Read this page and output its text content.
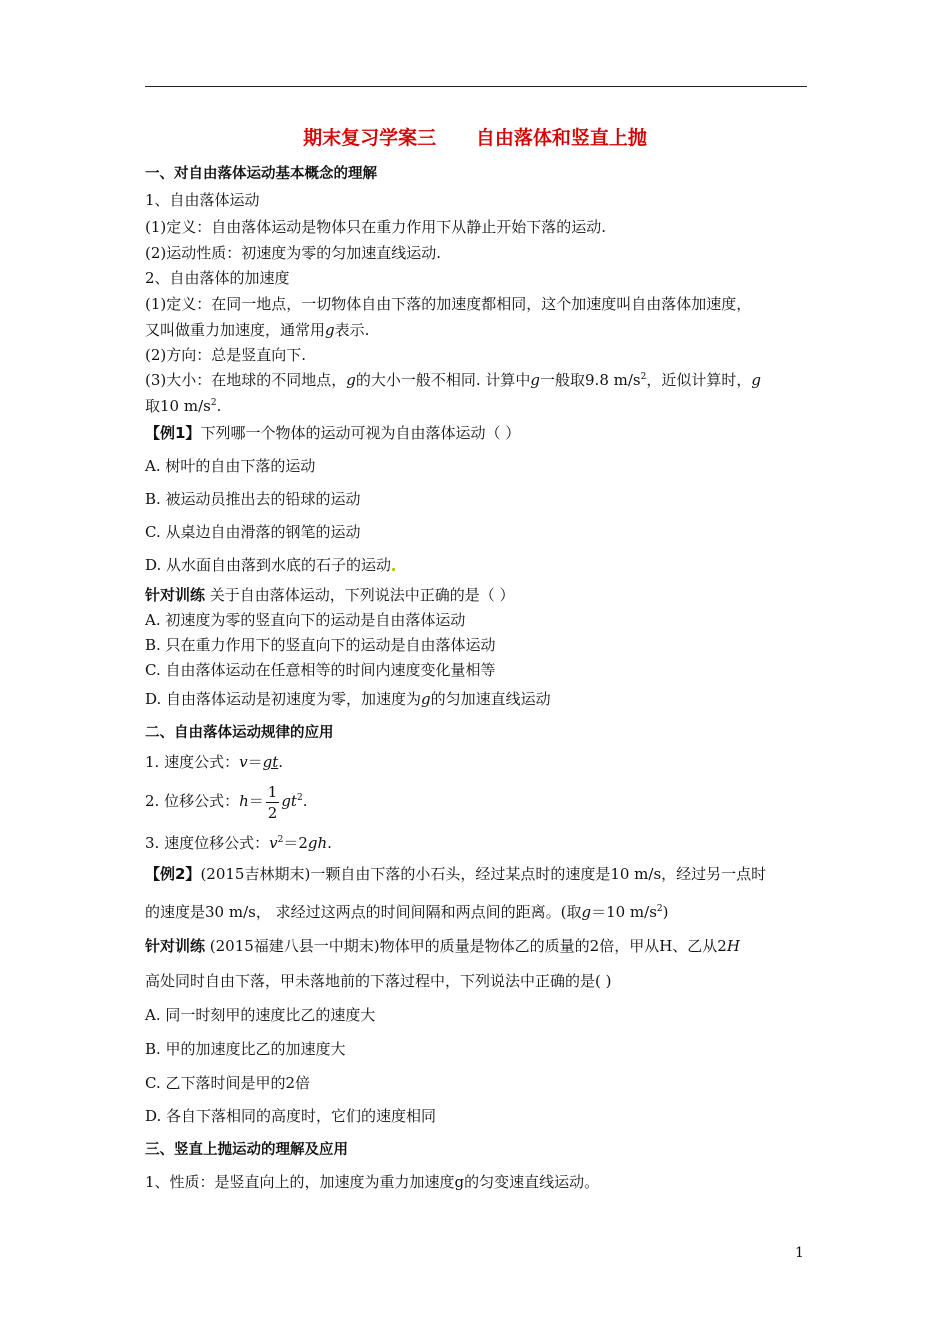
期末复习学案三      自由落体和竖直上抛
一、对自由落体运动基本概念的理解
1、自由落体运动
(1)定义：自由落体运动是物体只在重力作用下从静止开始下落的运动.
(2)运动性质：初速度为零的匀加速直线运动.
2、自由落体的加速度
(1)定义：在同一地点，一切物体自由下落的加速度都相同，这个加速度叫自由落体加速度，
又叫做重力加速度，通常用g表示.
(2)方向：总是竖直向下.
(3)大小：在地球的不同地点，g的大小一般不相同. 计算中g一般取9.8 $m/s^2$，近似计算时，g
取10 $m/s^2$.
【例1】下列哪一个物体的运动可视为自由落体运动（ ）
A. 树叶的自由下落的运动
B. 被运动员推出去的铅球的运动
C. 从桌边自由滑落的钢笔的运动
D. 从水面自由落到水底的石子的运动
针对训练 关于自由落体运动，下列说法中正确的是（ ）
A. 初速度为零的竖直向下的运动是自由落体运动
B. 只在重力作用下的竖直向下的运动是自由落体运动
C. 自由落体运动在任意相等的时间内速度变化量相等
D. 自由落体运动是初速度为零，加速度为g的匀加速直线运动
二、自由落体运动规律的应用
1. 速度公式：v＝gt.
2. 位移公式：$h= \frac{1}{2} gt^2$.
3. 速度位移公式：$v^2=2gh$.
【例2】(2015吉林期末)一颗自由下落的小石头，经过某点时的速度是10 m/s，经过另一点时
的速度是30 m/s， 求经过这两点的时间间隔和两点间的距离。(取g＝10 $m/s^2$)
针对训练 (2015福建八县一中期末)物体甲的质量是物体乙的质量的2倍，甲从H、乙从2H
高处同时自由下落，甲未落地前的下落过程中，下列说法中正确的是( )
A. 同一时刻甲的速度比乙的速度大
B. 甲的加速度比乙的加速度大
C. 乙下落时间是甲的2倍
D. 各自下落相同的高度时，它们的速度相同
三、竖直上抛运动的理解及应用
1、性质：是竖直向上的，加速度为重力加速度g的匀变速直线运动。
1
